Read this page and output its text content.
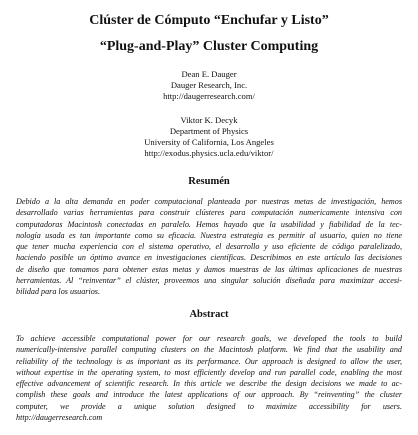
Clúster de Cómputo “Enchufar y Listo”
“Plug-and-Play” Cluster Computing
Dean E. Dauger
Dauger Research, Inc.
http://daugerresearch.com/
Viktor K. Decyk
Department of Physics
University of California, Los Angeles
http://exodus.physics.ucla.edu/viktor/
Resumén
Debido a la alta demanda en poder computacional planteada por nuestras metas de investigación, hemos
desarrollado varias herramientas para construir clústeres para computación numericamente intensiva con
computadoras Macintosh conectadas en paralelo. Hemos hayado que la usabilidad y fiabilidad de la tec-
nología usada es tan importante como su eficacia. Nuestra estrategia es permitir al usuario, quien no tiene
que tener mucha experiencia con el sistema operativo, el desarrollo y uso eficiente de código paralelizado,
haciendo posible un óptimo avance en investigaciones científicas. Describimos en este artículo las decisiones
de diseño que tomamos para obtener estas metas y damos muestras de las últimas aplicaciones de nuestras
herramientas. Al “reinventar” el clúster, proveemos una singular solución diseñada para maximizar accesi-
bilidad para los usuarios.
Abstract
To achieve accessible computational power for our research goals, we developed the tools to build
numerically-intensive parallel computing clusters on the Macintosh platform. We find that the usability and
reliability of the technology is as important as its performance. Our approach is designed to allow the user,
without expertise in the operating system, to most efficiently develop and run parallel code, enabling the most
effective advancement of scientific research. In this article we describe the design decisions we made to ac-
complish these goals and introduce the latest applications of our approach. By “reinventing” the cluster
computer, we provide a unique solution designed to maximize accessibility for users.
http://daugerresearch.com
